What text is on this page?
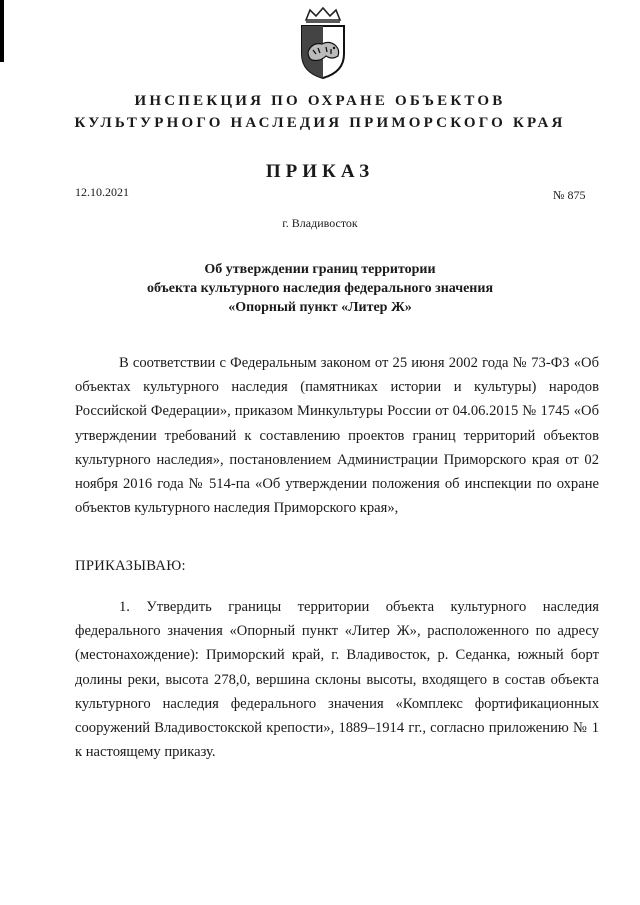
ИНСПЕКЦИЯ ПО ОХРАНЕ ОБЪЕКТОВ
КУЛЬТУРНОГО НАСЛЕДИЯ ПРИМОРСКОГО КРАЯ
ПРИКАЗ
12.10.2021	№ 875
г. Владивосток
Об утверждении границ территории
объекта культурного наследия федерального значения
«Опорный пункт «Литер Ж»
В соответствии с Федеральным законом от 25 июня 2002 года № 73-ФЗ «Об объектах культурного наследия (памятниках истории и культуры) народов Российской Федерации», приказом Минкультуры России от 04.06.2015 № 1745 «Об утверждении требований к составлению проектов границ территорий объектов культурного наследия», постановлением Администрации Приморского края от 02 ноября 2016 года № 514-па «Об утверждении положения об инспекции по охране объектов культурного наследия Приморского края»,
ПРИКАЗЫВАЮ:
1. Утвердить границы территории объекта культурного наследия федерального значения «Опорный пункт «Литер Ж», расположенного по адресу (местонахождение): Приморский край, г. Владивосток, р. Седанка, южный борт долины реки, высота 278,0, вершина склоны высоты, входящего в состав объекта культурного наследия федерального значения «Комплекс фортификационных сооружений Владивостокской крепости», 1889–1914 гг., согласно приложению № 1 к настоящему приказу.
